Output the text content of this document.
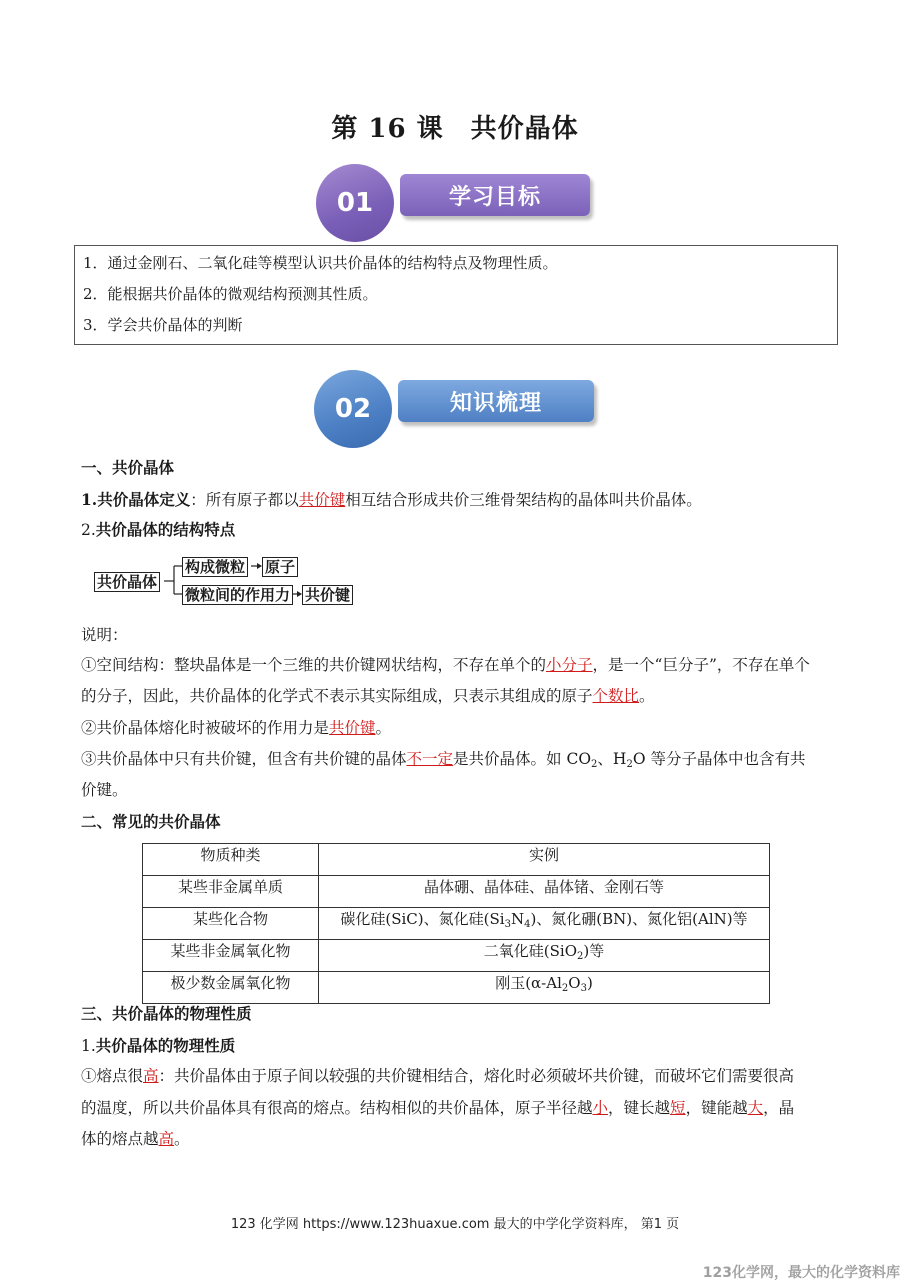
第 16 课　共价晶体
01	学习目标
1．通过金刚石、二氧化硅等模型认识共价晶体的结构特点及物理性质。
2．能根据共价晶体的微观结构预测其性质。
3．学会共价晶体的判断
02	知识梳理
一、共价晶体
1.共价晶体定义：所有原子都以共价键相互结合形成共价三维骨架结构的晶体叫共价晶体。
2.共价晶体的结构特点
共价晶体
构成微粒 原子
微粒间的作用力 共价键
说明：
①空间结构：整块晶体是一个三维的共价键网状结构，不存在单个的小分子，是一个“巨分子”，不存在单个
的分子，因此，共价晶体的化学式不表示其实际组成，只表示其组成的原子个数比。
②共价晶体熔化时被破坏的作用力是共价键。
③共价晶体中只有共价键，但含有共价键的晶体不一定是共价晶体。如 $CO_2$、$H_2O$ 等分子晶体中也含有共
价键。
二、常见的共价晶体
物质种类	实例
某些非金属单质	晶体硼、晶体硅、晶体锗、金刚石等
某些化合物	碳化硅(SiC)、氮化硅$(Si_3N_4)$、氮化硼(BN)、氮化铝(AlN)等
某些非金属氧化物	二氧化硅(SiO$_2$)等
极少数金属氧化物	刚玉$(\alpha-Al_2O_3)$
三、共价晶体的物理性质
1.共价晶体的物理性质
①熔点很高：共价晶体由于原子间以较强的共价键相结合，熔化时必须破坏共价键，而破坏它们需要很高
的温度，所以共价晶体具有很高的熔点。结构相似的共价晶体，原子半径越小，键长越短，键能越大，晶
体的熔点越高。
123 化学网 https://www.123huaxue.com 最大的中学化学资料库， 第1 页
123化学网，最大的化学资料库
